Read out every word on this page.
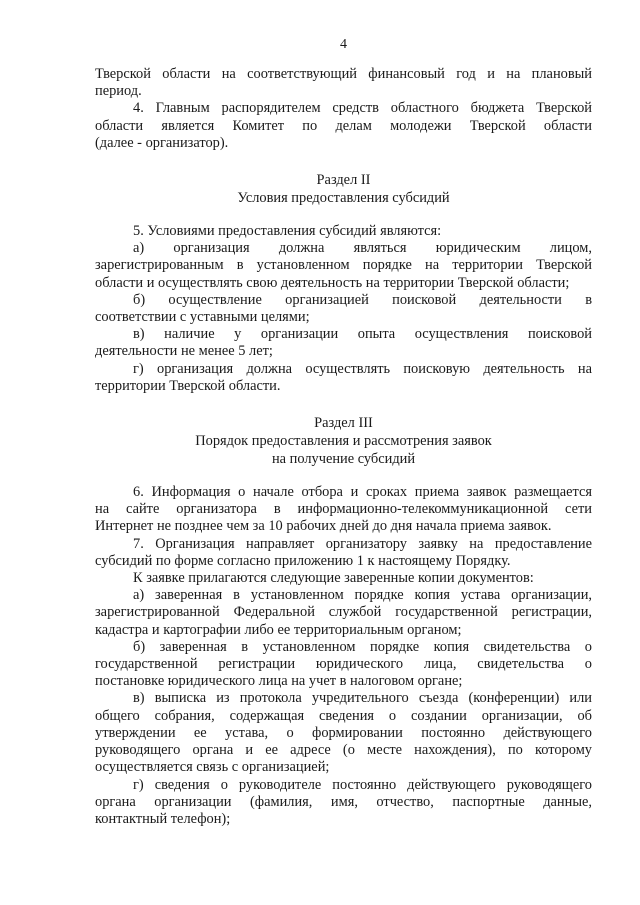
4
Тверской области на соответствующий финансовый год и на плановый
период.
4. Главным распорядителем средств областного бюджета Тверской
области является Комитет по делам молодежи Тверской области
(далее - организатор).
Раздел II
Условия предоставления субсидий
5. Условиями предоставления субсидий являются:
а) организация должна являться юридическим лицом,
зарегистрированным в установленном порядке на территории Тверской
области и осуществлять свою деятельность на территории Тверской области;
б) осуществление организацией поисковой деятельности в
соответствии с уставными целями;
в) наличие у организации опыта осуществления поисковой
деятельности не менее 5 лет;
г) организация должна осуществлять поисковую деятельность на
территории Тверской области.
Раздел III
Порядок предоставления и рассмотрения заявок
на получение субсидий
6. Информация о начале отбора и сроках приема заявок размещается
на сайте организатора в информационно-телекоммуникационной сети
Интернет не позднее чем за 10 рабочих дней до дня начала приема заявок.
7. Организация направляет организатору заявку на предоставление
субсидий по форме согласно приложению 1 к настоящему Порядку.
К заявке прилагаются следующие заверенные копии документов:
а) заверенная в установленном порядке копия устава организации,
зарегистрированной Федеральной службой государственной регистрации,
кадастра и картографии либо ее территориальным органом;
б) заверенная в установленном порядке копия свидетельства о
государственной регистрации юридического лица, свидетельства о
постановке юридического лица на учет в налоговом органе;
в) выписка из протокола учредительного съезда (конференции) или
общего собрания, содержащая сведения о создании организации, об
утверждении ее устава, о формировании постоянно действующего
руководящего органа и ее адресе (о месте нахождения), по которому
осуществляется связь с организацией;
г) сведения о руководителе постоянно действующего руководящего
органа организации (фамилия, имя, отчество, паспортные данные,
контактный телефон);
